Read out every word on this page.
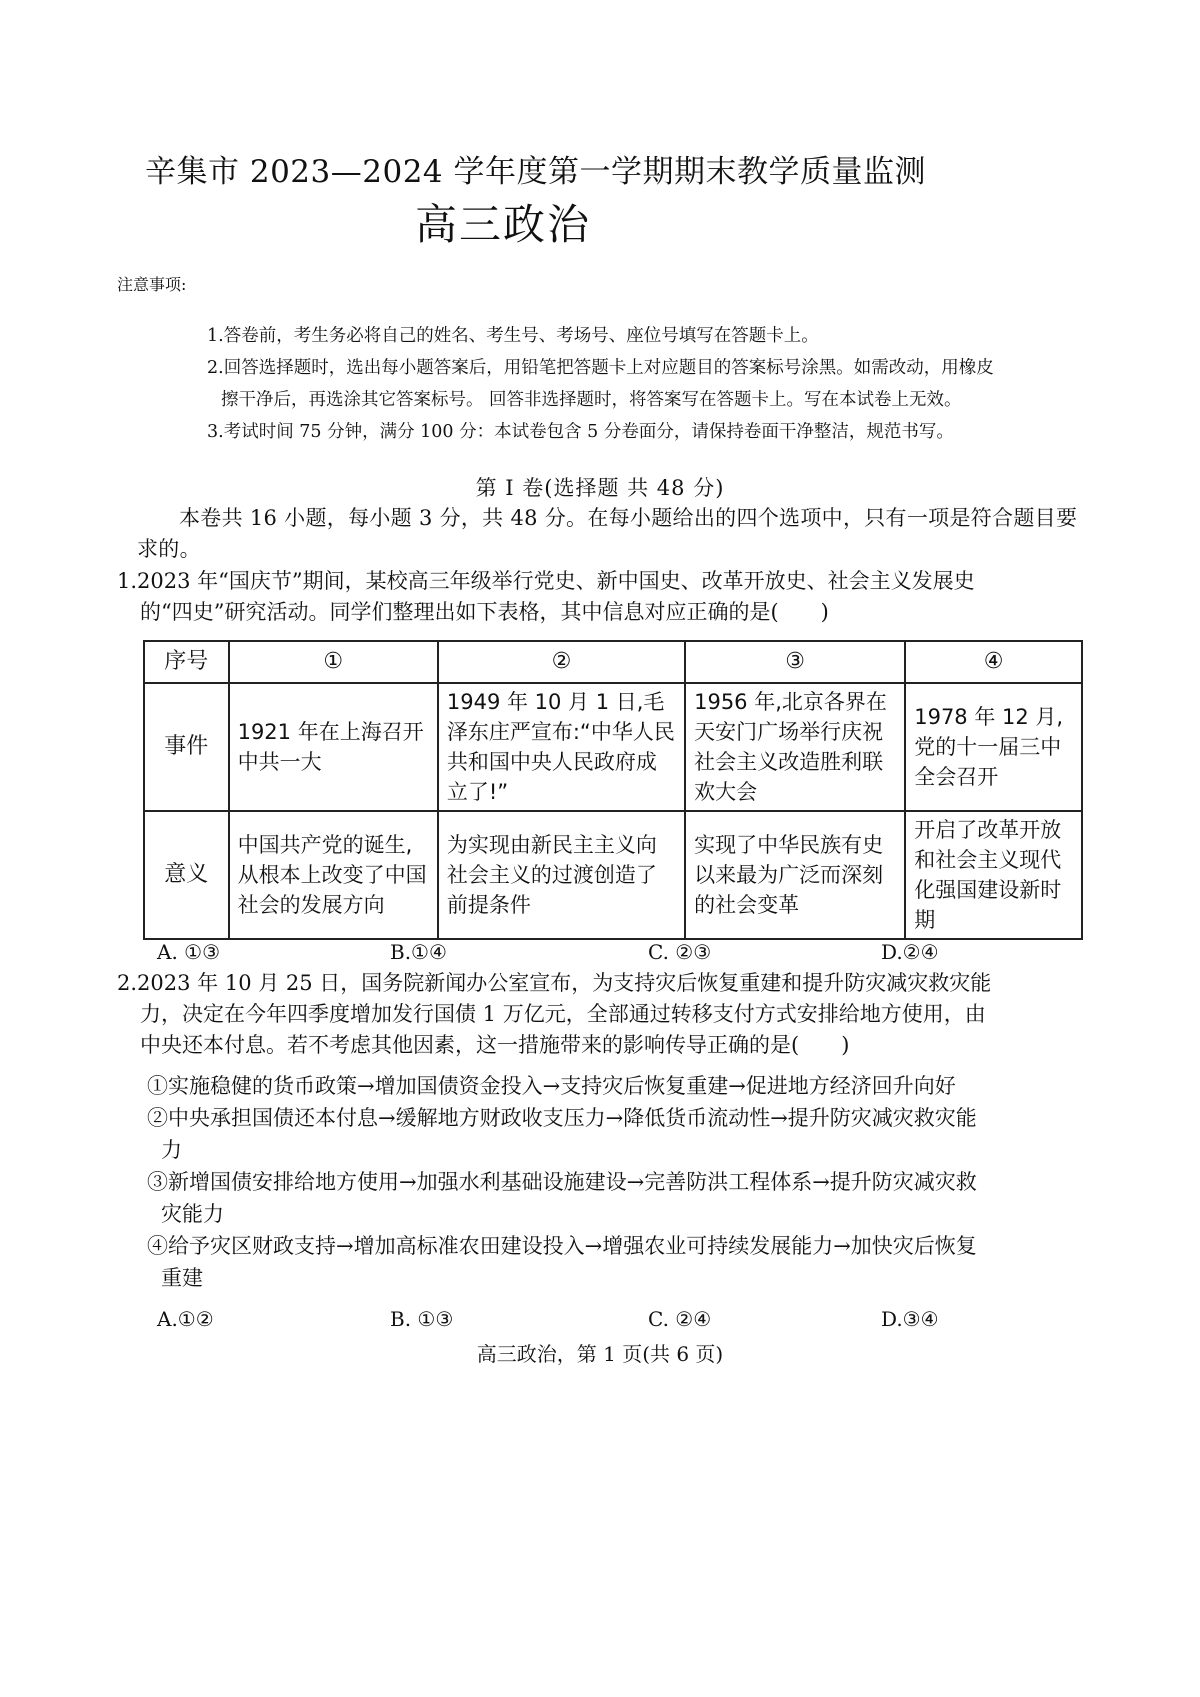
辛集市 2023—2024 学年度第一学期期末教学质量监测
高三政治
注意事项:

1.答卷前，考生务必将自己的姓名、考生号、考场号、座位号填写在答题卡上。

2.回答选择题时，选出每小题答案后，用铅笔把答题卡上对应题目的答案标号涂黑。如需改动，用橡皮

擦干净后，再选涂其它答案标号。 回答非选择题时，将答案写在答题卡上。写在本试卷上无效。

3.考试时间 75 分钟，满分 100 分：本试卷包含 5 分卷面分，请保持卷面干净整洁，规范书写。

第 I 卷(选择题 共 48 分)
本卷共 16 小题，每小题 3 分，共 48 分。在每小题给出的四个选项中，只有一项是符合题目要求的。
1.2023 年“国庆节”期间，某校高三年级举行党史、新中国史、改革开放史、社会主义发展史
的“四史”研究活动。同学们整理出如下表格，其中信息对应正确的是(　　)
序号	①	②	③	④
事件	1921 年在上海召开中共一大	1949 年 10 月 1 日,毛泽东庄严宣布:“中华人民共和国中央人民政府成立了!”	1956 年,北京各界在天安门广场举行庆祝社会主义改造胜利联欢大会	1978 年 12 月,党的十一届三中全会召开
意义	中国共产党的诞生,从根本上改变了中国社会的发展方向	为实现由新民主主义向社会主义的过渡创造了前提条件	实现了中华民族有史以来最为广泛而深刻的社会变革	开启了改革开放和社会主义现代化强国建设新时期
A. ①③	B.①④	C. ②③	D.②④
2.2023 年 10 月 25 日，国务院新闻办公室宣布，为支持灾后恢复重建和提升防灾减灾救灾能
力，决定在今年四季度增加发行国债 1 万亿元，全部通过转移支付方式安排给地方使用，由
中央还本付息。若不考虑其他因素，这一措施带来的影响传导正确的是(　　)

①实施稳健的货币政策→增加国债资金投入→支持灾后恢复重建→促进地方经济回升向好

②中央承担国债还本付息→缓解地方财政收支压力→降低货币流动性→提升防灾减灾救灾能
力

③新增国债安排给地方使用→加强水利基础设施建设→完善防洪工程体系→提升防灾减灾救
灾能力

④给予灾区财政支持→增加高标准农田建设投入→增强农业可持续发展能力→加快灾后恢复
重建

A.①②	B. ①③	C. ②④	D.③④
高三政治，第 1 页(共 6 页)
